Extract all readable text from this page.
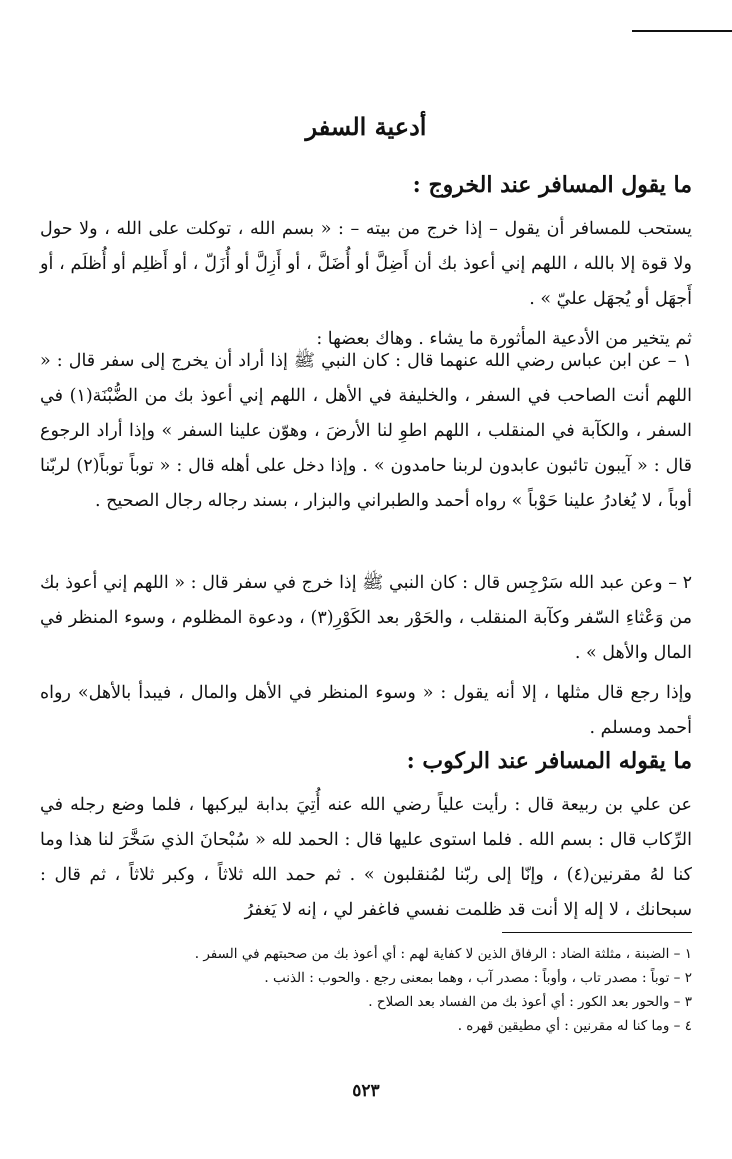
أدعية السفر
ما يقول المسافر عند الخروج :

يستحب للمسافر أن يقول – إذا خرج من بيته – : « بسم الله ، توكلت على الله ، ولا حول ولا قوة إلا بالله ، اللهم إني أعوذ بك أن أَضِلَّ أو أُضَلَّ ، أو أَزِلَّ أو أُزَلّ ، أو أَظلِم أو أُظلَم ، أو أَجهَل أو يُجهَل عليّ » .

ثم يتخير من الأدعية المأثورة ما يشاء . وهاك بعضها :

١ – عن ابن عباس رضي الله عنهما قال : كان النبي ﷺ إذا أراد أن يخرج إلى سفر قال : « اللهم أنت الصاحب في السفر ، والخليفة في الأهل ، اللهم إني أعوذ بك من الضُّبْنَة(١) في السفر ، والكآبة في المنقلب ، اللهم اطوِ لنا الأرضَ ، وهوّن علينا السفر » وإذا أراد الرجوع قال : « آيبون تائبون عابدون لربنا حامدون » . وإذا دخل على أهله قال : « توباً توباً(٢) لربّنا أوباً ، لا يُغادرُ علينا حَوْباً » رواه أحمد والطبراني والبزار ، بسند رجاله رجال الصحيح .

٢ – وعن عبد الله سَرْجِس قال : كان النبي ﷺ إذا خرج في سفر قال : « اللهم إني أعوذ بك من وَعْثاءِ السّفر وكآبة المنقلب ، والحَوْر بعد الكَوْرِ(٣) ، ودعوة المظلوم ، وسوء المنظر في المال والأهل » .

وإذا رجع قال مثلها ، إلا أنه يقول : « وسوء المنظر في الأهل والمال ، فيبدأ بالأهل» رواه أحمد ومسلم .

ما يقوله المسافر عند الركوب :

عن علي بن ربيعة قال : رأيت علياً رضي الله عنه أُتِيَ بدابة ليركبها ، فلما وضع رجله في الرِّكاب قال : بسم الله . فلما استوى عليها قال : الحمد لله « سُبْحانَ الذي سَخَّرَ لنا هذا وما كنا لهُ مقرنين(٤) ، وإنّا إلى ربّنا لمُنقلبون » . ثم حمد الله ثلاثاً ، وكبر ثلاثاً ، ثم قال : سبحانك ، لا إله إلا أنت قد ظلمت نفسي فاغفر لي ، إنه لا يَغفرُ

١ – الضبنة ، مثلثة الضاد : الرفاق الذين لا كفاية لهم : أي أعوذ بك من صحبتهم في السفر .
٢ – توباً : مصدر تاب ، وأوباً : مصدر آب ، وهما بمعنى رجع . والحوب : الذنب .
٣ – والحور بعد الكور : أي أعوذ بك من الفساد بعد الصلاح .
٤ – وما كنا له مقرنين : أي مطيقين قهره .
٥٢٣
